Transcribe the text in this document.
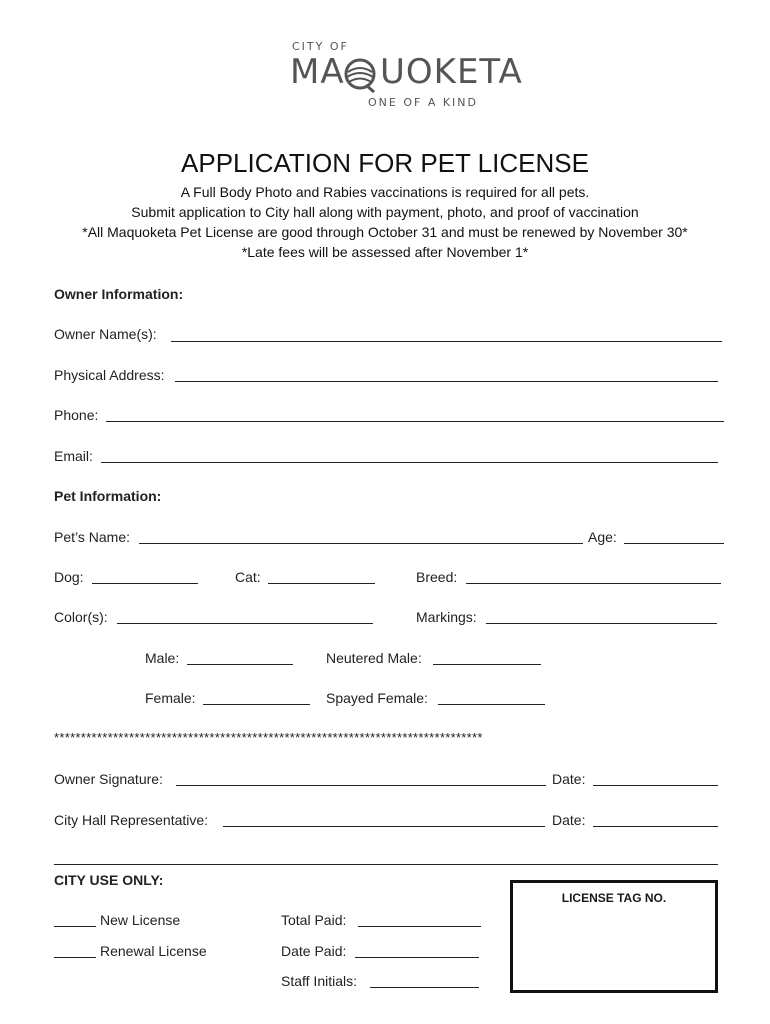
CITY OF
MA UOKETA
ONE OF A KIND
APPLICATION FOR PET LICENSE
A Full Body Photo and Rabies vaccinations is required for all pets.
Submit application to City hall along with payment, photo, and proof of vaccination
*All Maquoketa Pet License are good through October 31 and must be renewed by November 30*
*Late fees will be assessed after November 1*
Owner Information:
Owner Name(s):
Physical Address:
Phone:
Email:
Pet Information:
Pet’s Name:	Age:
Dog:	Cat:	Breed:
Color(s):	Markings:
Male:	Neutered Male:
Female:	Spayed Female:
********************************************************************************
Owner Signature:	Date:
City Hall Representative:	Date:
CITY USE ONLY:
New License
Renewal License
Total Paid:
Date Paid:
Staff Initials:
LICENSE TAG NO.
